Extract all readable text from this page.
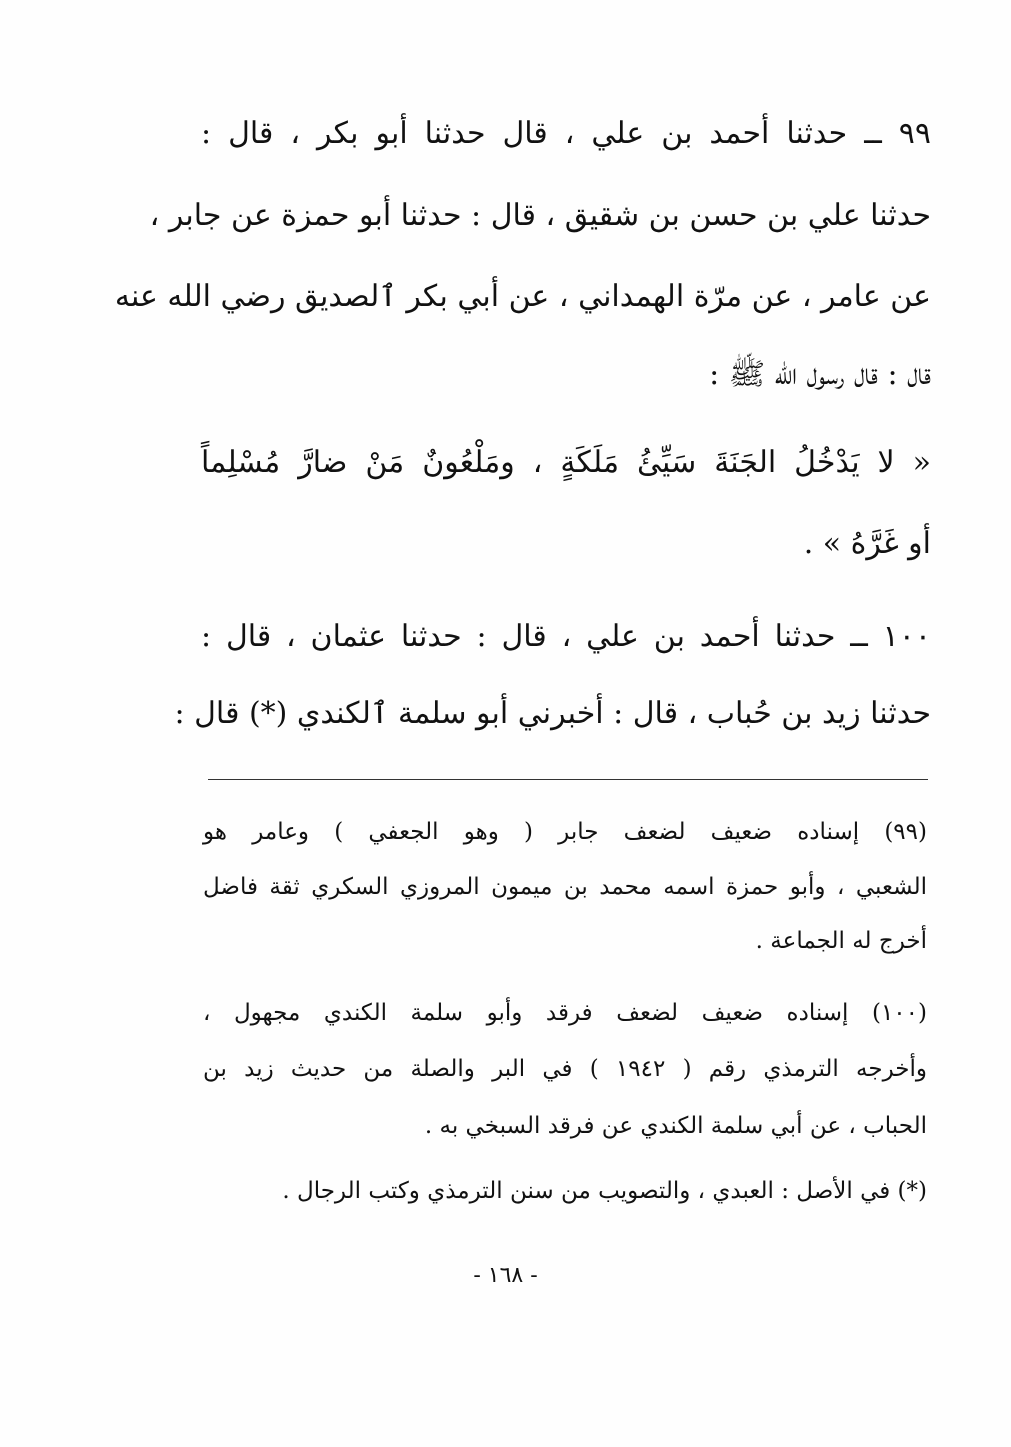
٩٩ ــ حدثنا أحمد بن علي ، قال حدثنا أبو بكر ، قال :
حدثنا علي بن حسن بن شقيق ، قال : حدثنا أبو حمزة عن جابر ،
عن عامر ، عن مرّة الهمداني ، عن أبي بكر ٱلصديق رضي الله عنه
قال : قال رسول الله ﷺ :
« لا يَدْخُلُ الجَنَةَ سَيِّئُ مَلَكَةٍ ، ومَلْعُونٌ مَنْ ضارَّ مُسْلِماً
أو غَرَّهُ » .
١٠٠ ــ حدثنا أحمد بن علي ، قال : حدثنا عثمان ، قال :
حدثنا زيد بن حُباب ، قال : أخبرني أبو سلمة ٱلكندي (*) قال :
(٩٩) إسناده ضعيف لضعف جابر ( وهو الجعفي ) وعامر هو
الشعبي ، وأبو حمزة اسمه محمد بن ميمون المروزي السكري ثقة فاضل
أخرج له الجماعة .
(١٠٠) إسناده ضعيف لضعف فرقد وأبو سلمة الكندي مجهول ،
وأخرجه الترمذي رقم ( ١٩٤٢ ) في البر والصلة من حديث زيد بن
الحباب ، عن أبي سلمة الكندي عن فرقد السبخي به .
(*) في الأصل : العبدي ، والتصويب من سنن الترمذي وكتب الرجال .
- ١٦٨ -
